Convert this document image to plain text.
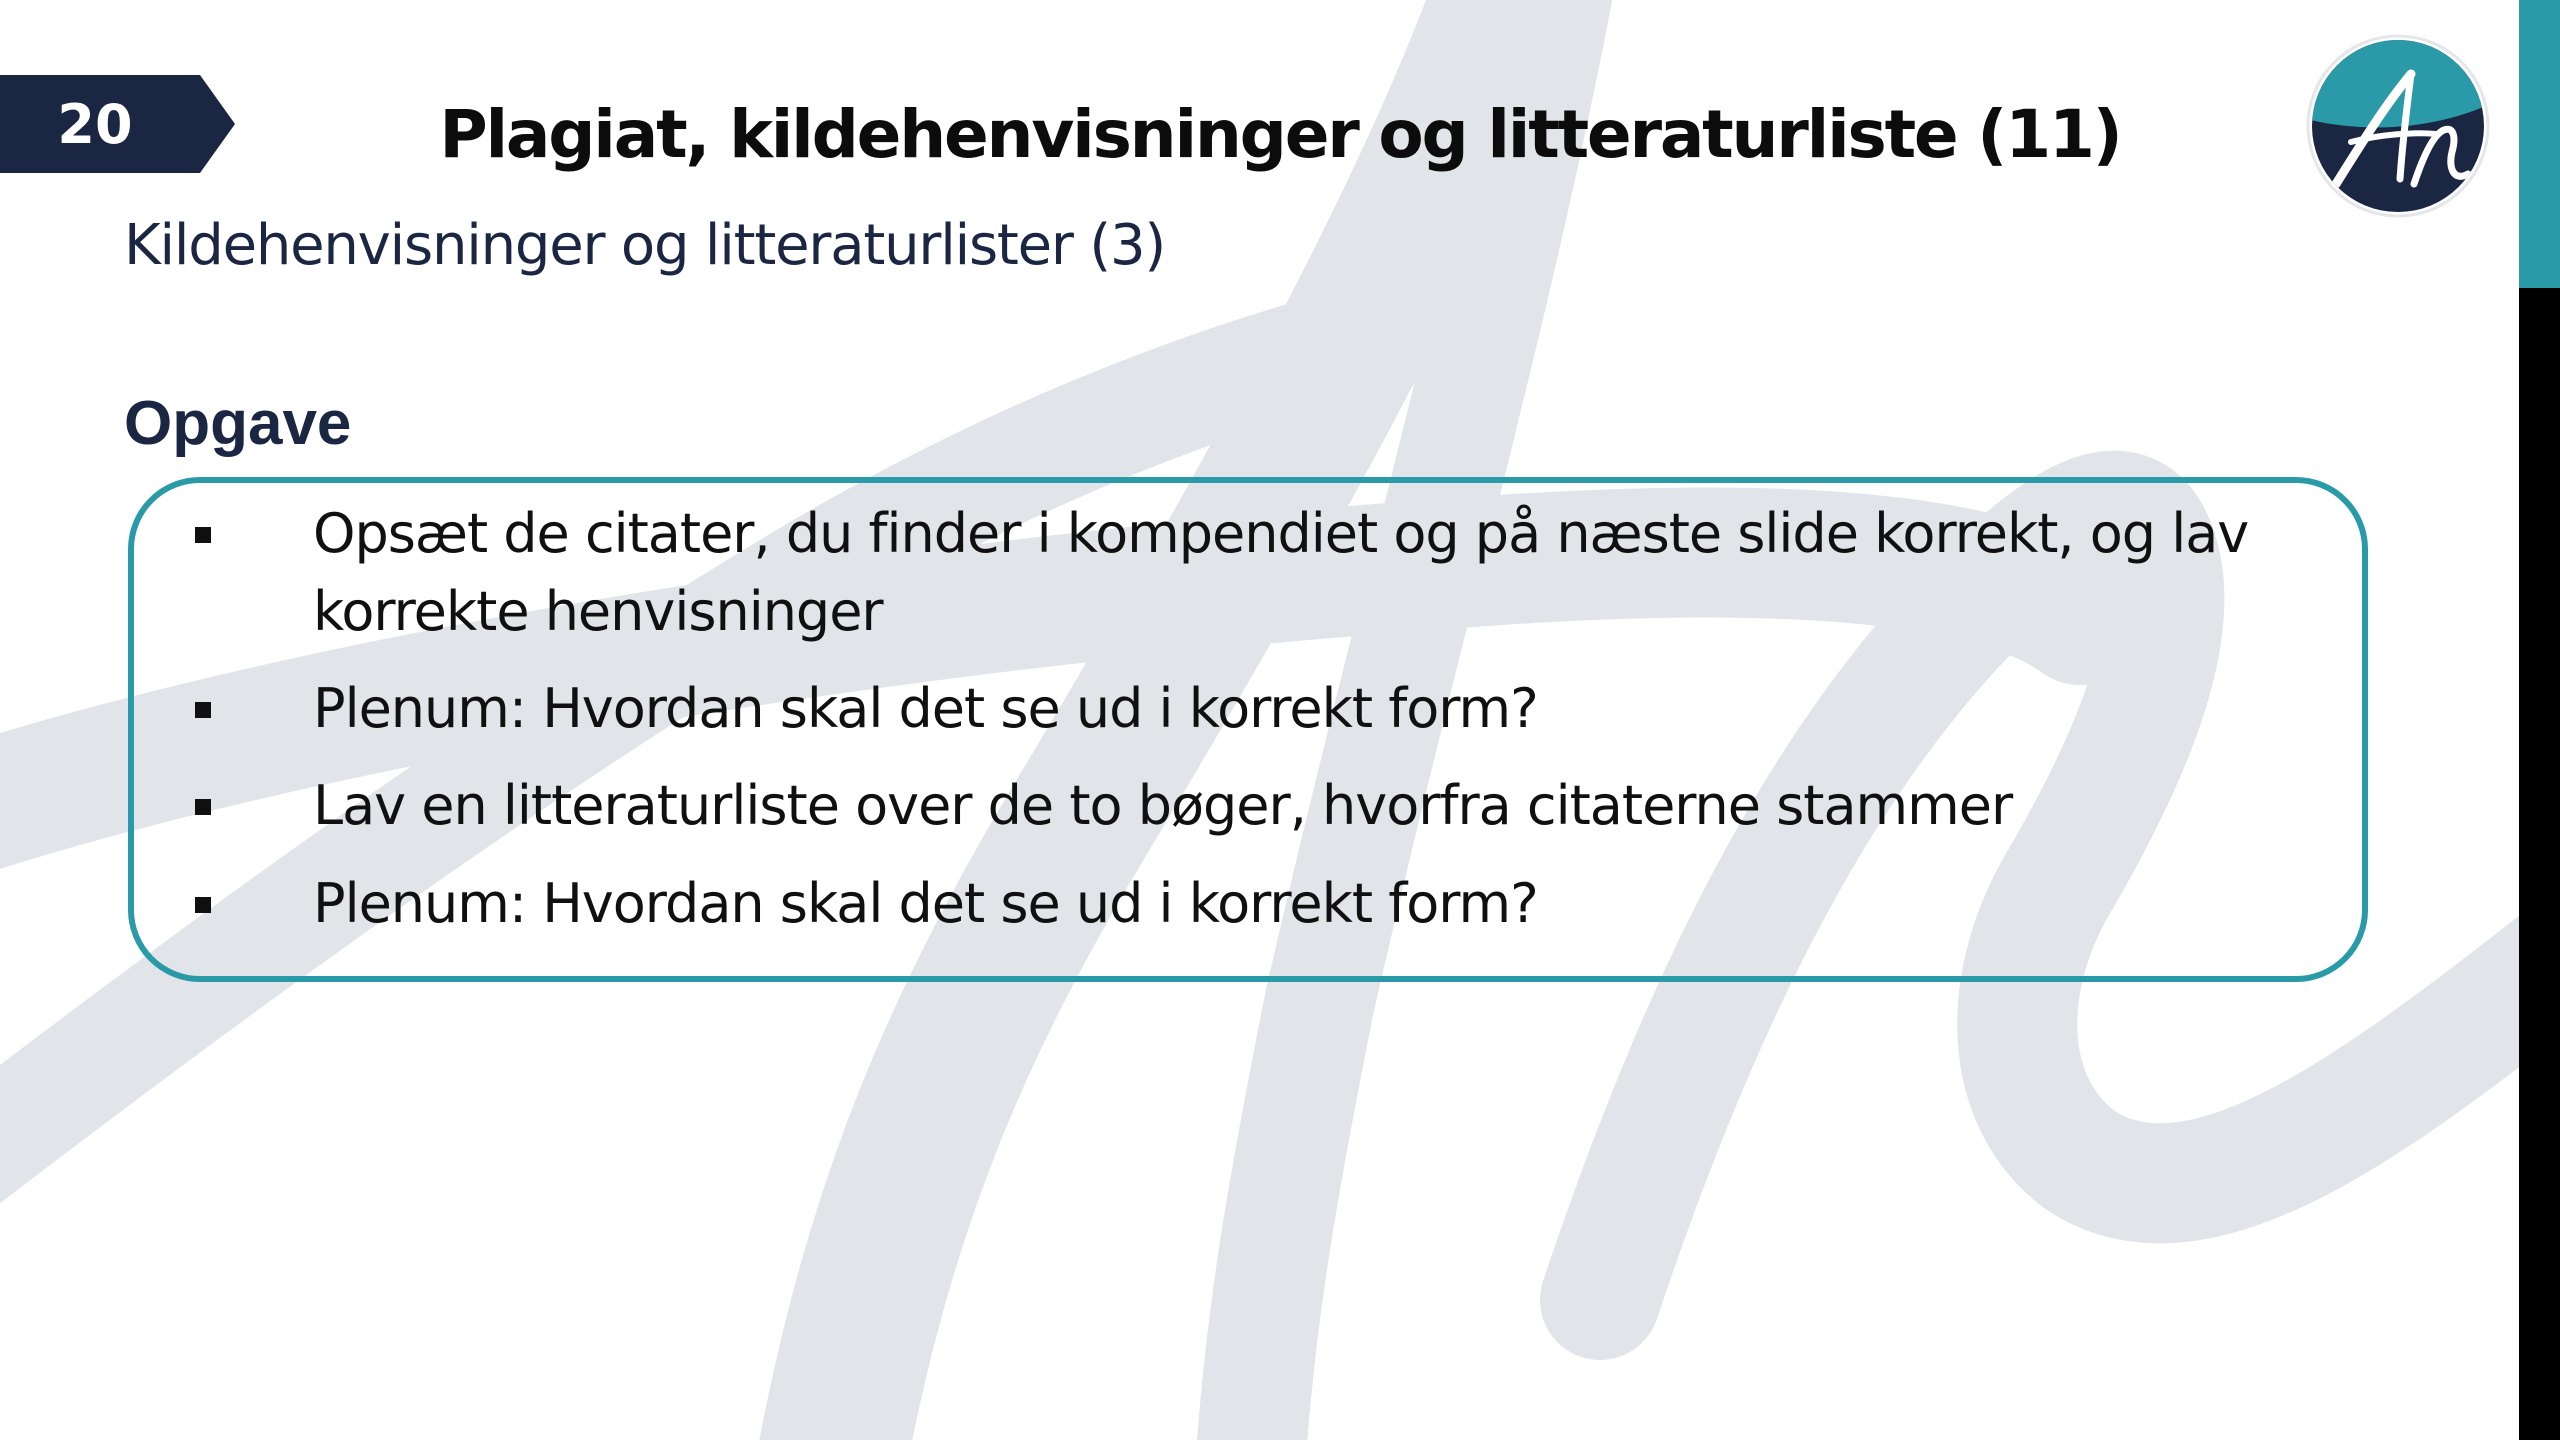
20	Plagiat, kildehenvisninger og litteraturliste (11)
Kildehenvisninger og litteraturlister (3)
Opgave
Opsæt de citater, du finder i kompendiet og på næste slide korrekt, og lav korrekte henvisninger
Plenum: Hvordan skal det se ud i korrekt form?
Lav en litteraturliste over de to bøger, hvorfra citaterne stammer
Plenum: Hvordan skal det se ud i korrekt form?
